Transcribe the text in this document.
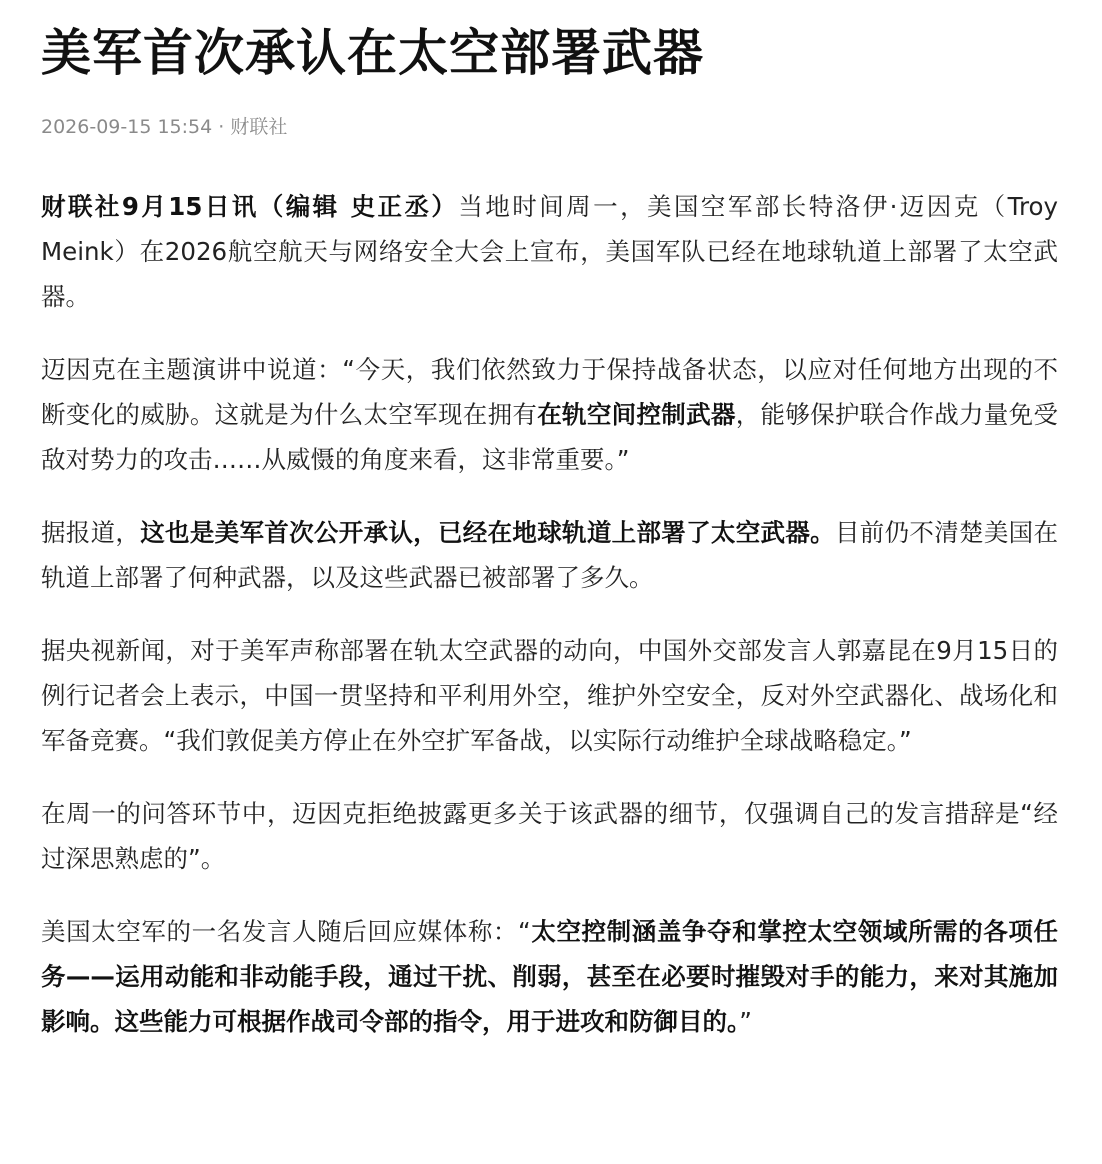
美军首次承认在太空部署武器
2026-09-15 15:54 · 财联社

财联社9月15日讯（编辑 史正丞）当地时间周一，美国空军部长特洛伊·迈因克（Troy Meink）在2026航空航天与网络安全大会上宣布，美国军队已经在地球轨道上部署了太空武器。

迈因克在主题演讲中说道：“今天，我们依然致力于保持战备状态，以应对任何地方出现的不断变化的威胁。这就是为什么太空军现在拥有在轨空间控制武器，能够保护联合作战力量免受敌对势力的攻击……从威慑的角度来看，这非常重要。”

据报道，这也是美军首次公开承认，已经在地球轨道上部署了太空武器。目前仍不清楚美国在轨道上部署了何种武器，以及这些武器已被部署了多久。

据央视新闻，对于美军声称部署在轨太空武器的动向，中国外交部发言人郭嘉昆在9月15日的例行记者会上表示，中国一贯坚持和平利用外空，维护外空安全，反对外空武器化、战场化和军备竞赛。“我们敦促美方停止在外空扩军备战，以实际行动维护全球战略稳定。”

在周一的问答环节中，迈因克拒绝披露更多关于该武器的细节，仅强调自己的发言措辞是“经过深思熟虑的”。

美国太空军的一名发言人随后回应媒体称：“太空控制涵盖争夺和掌控太空领域所需的各项任务——运用动能和非动能手段，通过干扰、削弱，甚至在必要时摧毁对手的能力，来对其施加影响。这些能力可根据作战司令部的指令，用于进攻和防御目的。”
